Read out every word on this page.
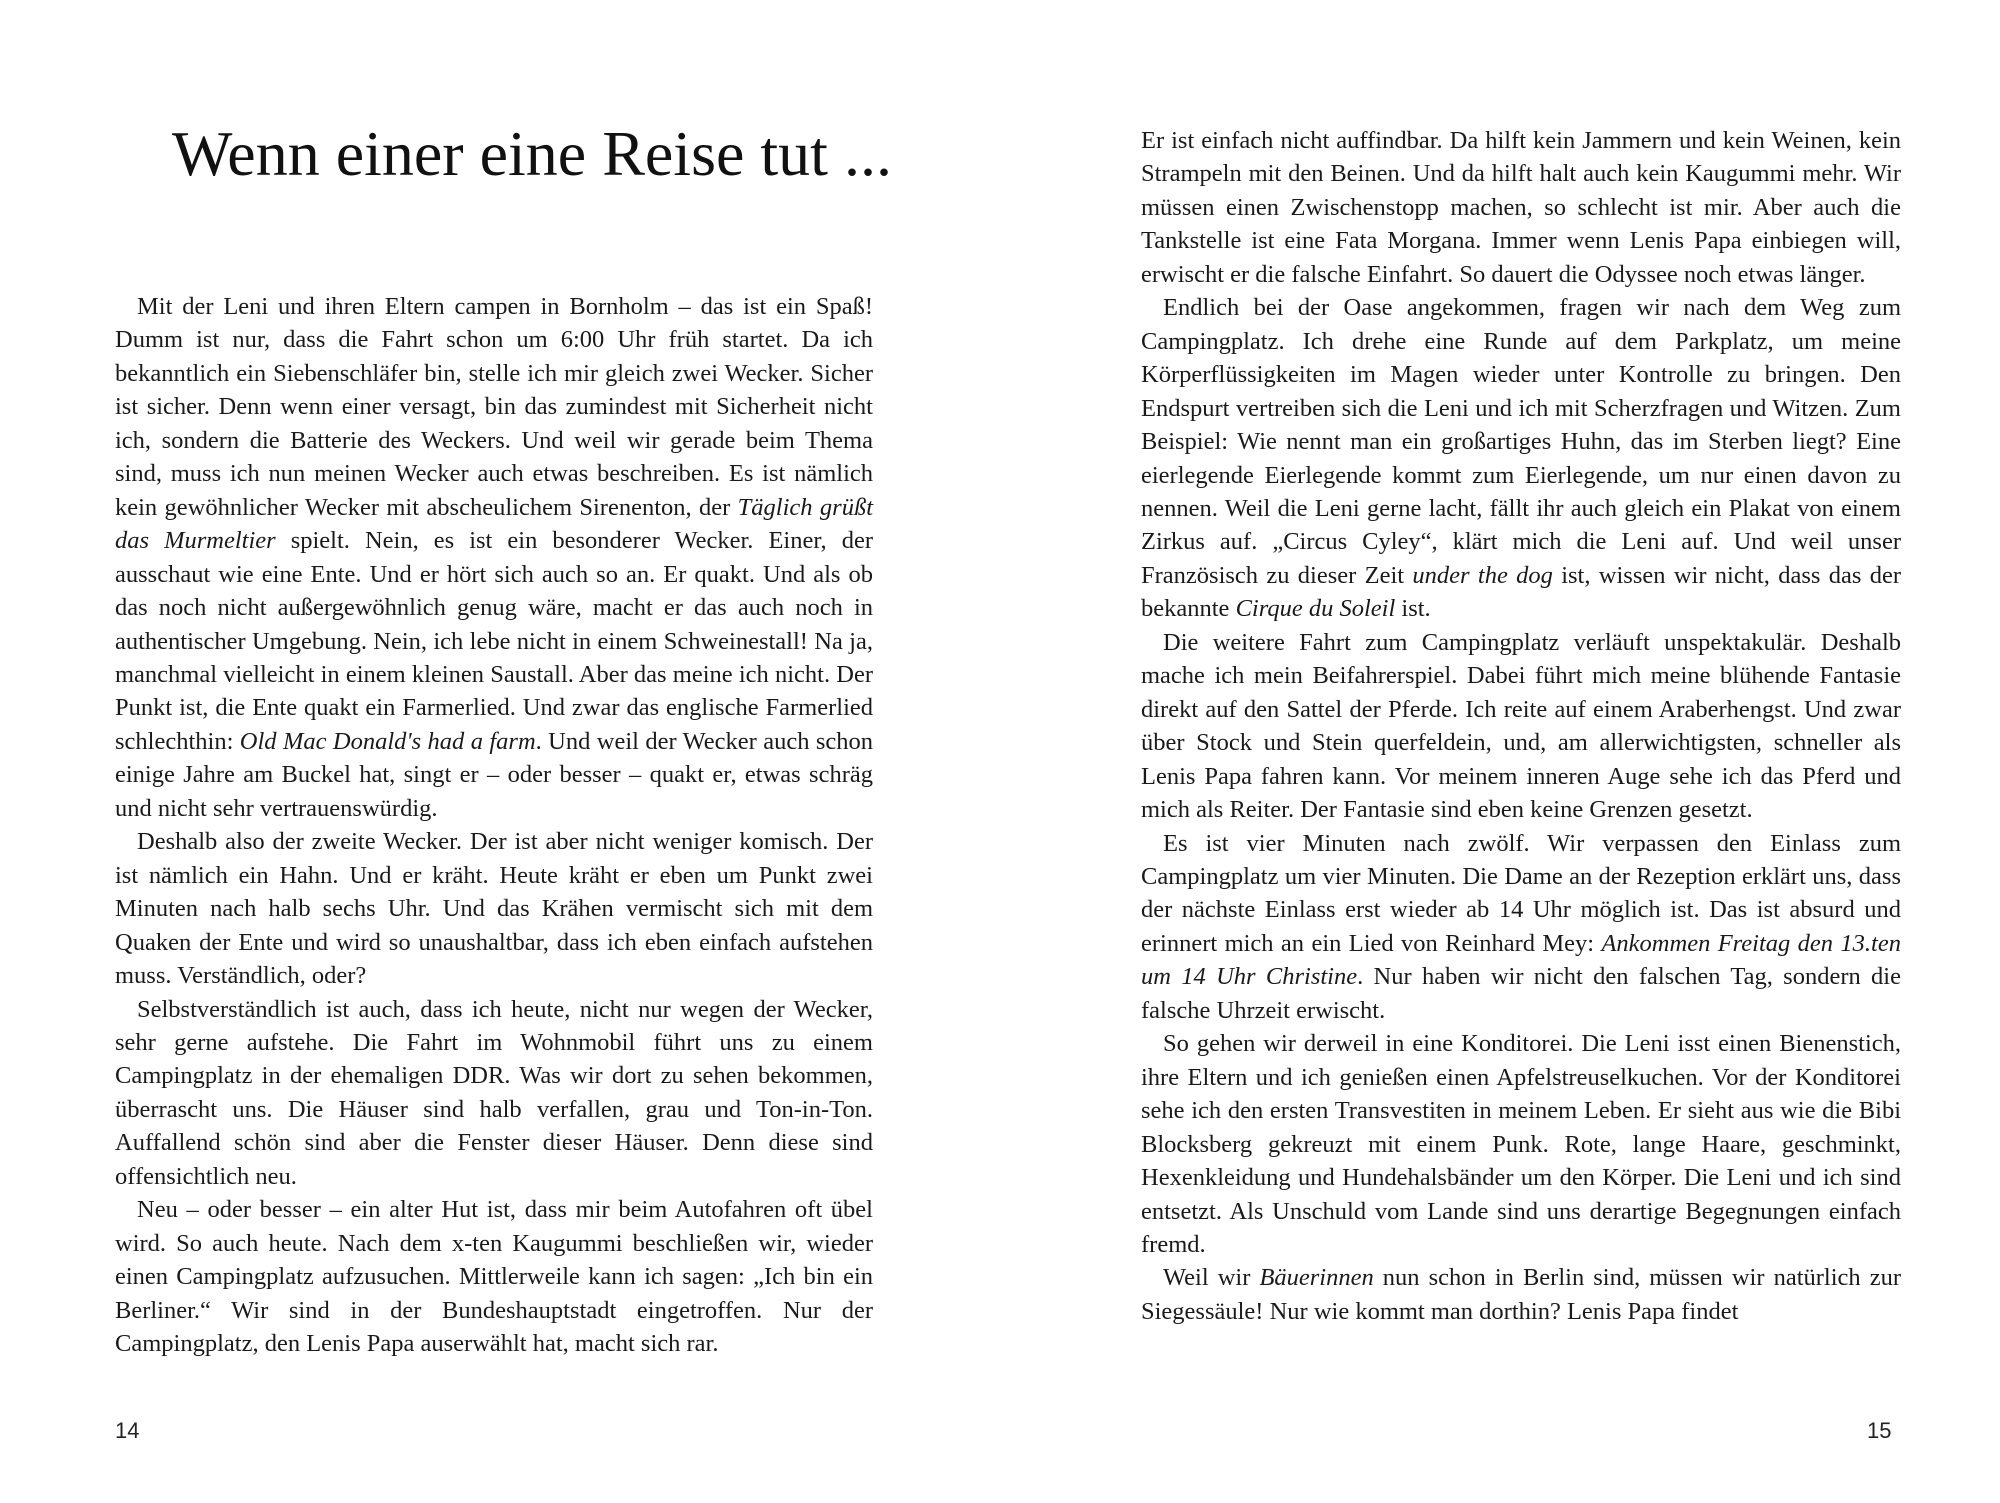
Wenn einer eine Reise tut ...

Mit der Leni und ihren Eltern campen in Bornholm – das ist ein Spaß! Dumm ist nur, dass die Fahrt schon um 6:00 Uhr früh startet. Da ich bekanntlich ein Siebenschläfer bin, stelle ich mir gleich zwei Wecker. Sicher ist sicher. Denn wenn einer versagt, bin das zumindest mit Sicherheit nicht ich, sondern die Batterie des Weckers. Und weil wir gerade beim Thema sind, muss ich nun meinen Wecker auch etwas beschreiben. Es ist nämlich kein gewöhnlicher Wecker mit abscheulichem Sirenenton, der Täglich grüßt das Murmeltier spielt. Nein, es ist ein besonderer Wecker. Einer, der ausschaut wie eine Ente. Und er hört sich auch so an. Er quakt. Und als ob das noch nicht außergewöhnlich genug wäre, macht er das auch noch in authentischer Umgebung. Nein, ich lebe nicht in einem Schweinestall! Na ja, manchmal vielleicht in einem kleinen Saustall. Aber das meine ich nicht. Der Punkt ist, die Ente quakt ein Farmerlied. Und zwar das englische Farmerlied schlechthin: Old Mac Donald's had a farm. Und weil der Wecker auch schon einige Jahre am Buckel hat, singt er – oder besser – quakt er, etwas schräg und nicht sehr vertrauenswürdig.

Deshalb also der zweite Wecker. Der ist aber nicht weniger komisch. Der ist nämlich ein Hahn. Und er kräht. Heute kräht er eben um Punkt zwei Minuten nach halb sechs Uhr. Und das Krähen vermischt sich mit dem Quaken der Ente und wird so unaushaltbar, dass ich eben einfach aufstehen muss. Verständlich, oder?

Selbstverständlich ist auch, dass ich heute, nicht nur wegen der Wecker, sehr gerne aufstehe. Die Fahrt im Wohnmobil führt uns zu einem Campingplatz in der ehemaligen DDR. Was wir dort zu sehen bekommen, überrascht uns. Die Häuser sind halb verfallen, grau und Ton-in-Ton. Auffallend schön sind aber die Fenster dieser Häuser. Denn diese sind offensichtlich neu.

Neu – oder besser – ein alter Hut ist, dass mir beim Autofahren oft übel wird. So auch heute. Nach dem x-ten Kaugummi beschließen wir, wieder einen Campingplatz aufzusuchen. Mittlerweile kann ich sagen: „Ich bin ein Berliner.“ Wir sind in der Bundeshauptstadt eingetroffen. Nur der Campingplatz, den Lenis Papa auserwählt hat, macht sich rar.

14

Er ist einfach nicht auffindbar. Da hilft kein Jammern und kein Weinen, kein Strampeln mit den Beinen. Und da hilft halt auch kein Kaugummi mehr. Wir müssen einen Zwischenstopp machen, so schlecht ist mir. Aber auch die Tankstelle ist eine Fata Morgana. Immer wenn Lenis Papa einbiegen will, erwischt er die falsche Einfahrt. So dauert die Odyssee noch etwas länger.

Endlich bei der Oase angekommen, fragen wir nach dem Weg zum Campingplatz. Ich drehe eine Runde auf dem Parkplatz, um meine Körperflüssigkeiten im Magen wieder unter Kontrolle zu bringen. Den Endspurt vertreiben sich die Leni und ich mit Scherzfragen und Witzen. Zum Beispiel: Wie nennt man ein großartiges Huhn, das im Sterben liegt? Eine eierlegende Eierlegende kommt zum Eierlegende, um nur einen davon zu nennen. Weil die Leni gerne lacht, fällt ihr auch gleich ein Plakat von einem Zirkus auf. „Circus Cyley“, klärt mich die Leni auf. Und weil unser Französisch zu dieser Zeit under the dog ist, wissen wir nicht, dass das der bekannte Cirque du Soleil ist.

Die weitere Fahrt zum Campingplatz verläuft unspektakulär. Deshalb mache ich mein Beifahrerspiel. Dabei führt mich meine blühende Fantasie direkt auf den Sattel der Pferde. Ich reite auf einem Araberhengst. Und zwar über Stock und Stein querfeldein, und, am allerwichtigsten, schneller als Lenis Papa fahren kann. Vor meinem inneren Auge sehe ich das Pferd und mich als Reiter. Der Fantasie sind eben keine Grenzen gesetzt.

Es ist vier Minuten nach zwölf. Wir verpassen den Einlass zum Campingplatz um vier Minuten. Die Dame an der Rezeption erklärt uns, dass der nächste Einlass erst wieder ab 14 Uhr möglich ist. Das ist absurd und erinnert mich an ein Lied von Reinhard Mey: Ankommen Freitag den 13.ten um 14 Uhr Christine. Nur haben wir nicht den falschen Tag, sondern die falsche Uhrzeit erwischt.

So gehen wir derweil in eine Konditorei. Die Leni isst einen Bienenstich, ihre Eltern und ich genießen einen Apfelstreuselkuchen. Vor der Konditorei sehe ich den ersten Transvestiten in meinem Leben. Er sieht aus wie die Bibi Blocksberg gekreuzt mit einem Punk. Rote, lange Haare, geschminkt, Hexenkleidung und Hundehalsbänder um den Körper. Die Leni und ich sind entsetzt. Als Unschuld vom Lande sind uns derartige Begegnungen einfach fremd.

Weil wir Bäuerinnen nun schon in Berlin sind, müssen wir natürlich zur Siegessäule! Nur wie kommt man dorthin? Lenis Papa findet

15
